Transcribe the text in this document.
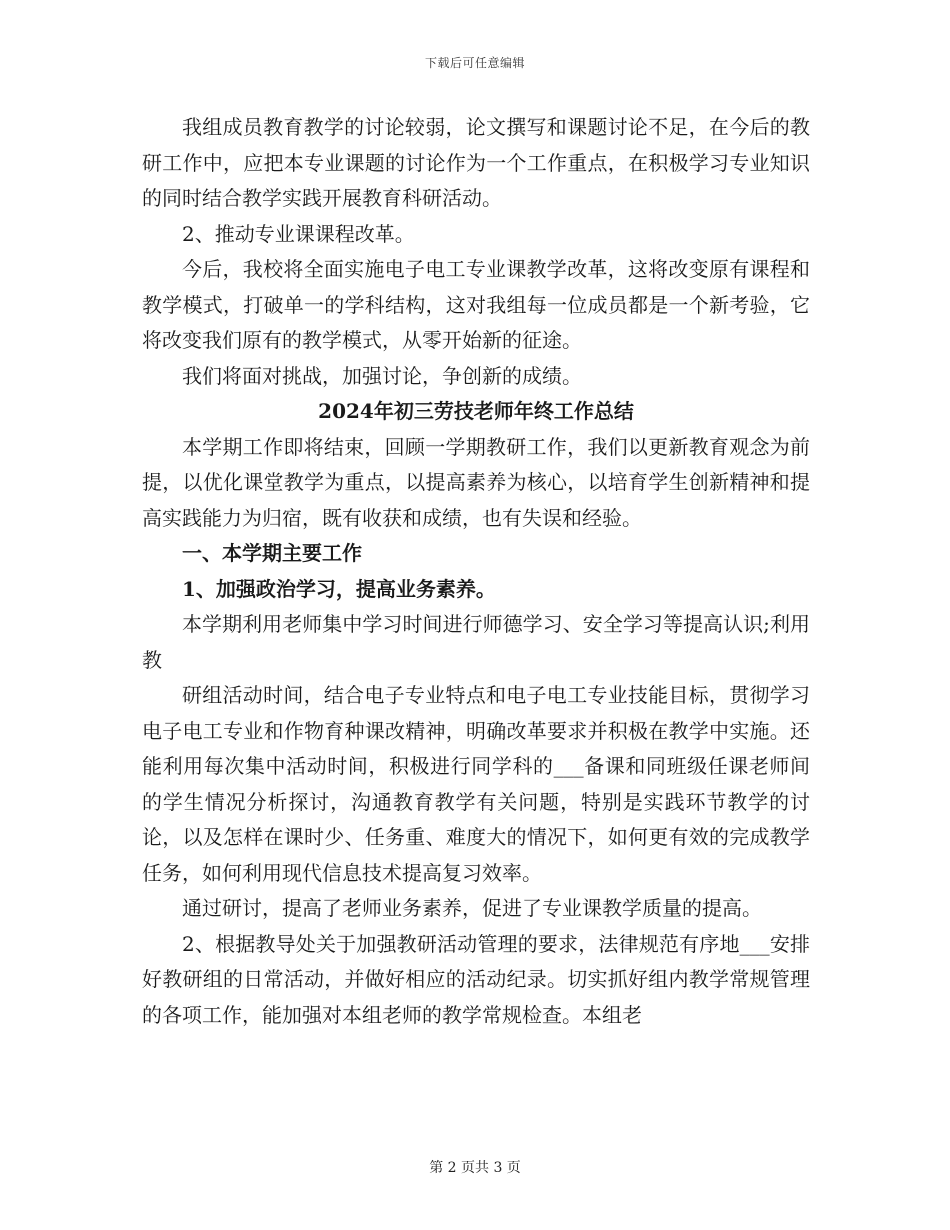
下载后可任意编辑

我组成员教育教学的讨论较弱，论文撰写和课题讨论不足，在今后的教研工作中，应把本专业课题的讨论作为一个工作重点，在积极学习专业知识的同时结合教学实践开展教育科研活动。

2、推动专业课课程改革。

今后，我校将全面实施电子电工专业课教学改革，这将改变原有课程和教学模式，打破单一的学科结构，这对我组每一位成员都是一个新考验，它将改变我们原有的教学模式，从零开始新的征途。

我们将面对挑战，加强讨论，争创新的成绩。

2024年初三劳技老师年终工作总结

本学期工作即将结束，回顾一学期教研工作，我们以更新教育观念为前提，以优化课堂教学为重点，以提高素养为核心，以培育学生创新精神和提高实践能力为归宿，既有收获和成绩，也有失误和经验。

一、本学期主要工作

1、加强政治学习，提高业务素养。

本学期利用老师集中学习时间进行师德学习、安全学习等提高认识;利用教

研组活动时间，结合电子专业特点和电子电工专业技能目标，贯彻学习电子电工专业和作物育种课改精神，明确改革要求并积极在教学中实施。还能利用每次集中活动时间，积极进行同学科的___备课和同班级任课老师间的学生情况分析探讨，沟通教育教学有关问题，特别是实践环节教学的讨论，以及怎样在课时少、任务重、难度大的情况下，如何更有效的完成教学任务，如何利用现代信息技术提高复习效率。

通过研讨，提高了老师业务素养，促进了专业课教学质量的提高。

2、根据教导处关于加强教研活动管理的要求，法律规范有序地___安排好教研组的日常活动，并做好相应的活动纪录。切实抓好组内教学常规管理的各项工作，能加强对本组老师的教学常规检查。本组老

第 2 页共 3 页
